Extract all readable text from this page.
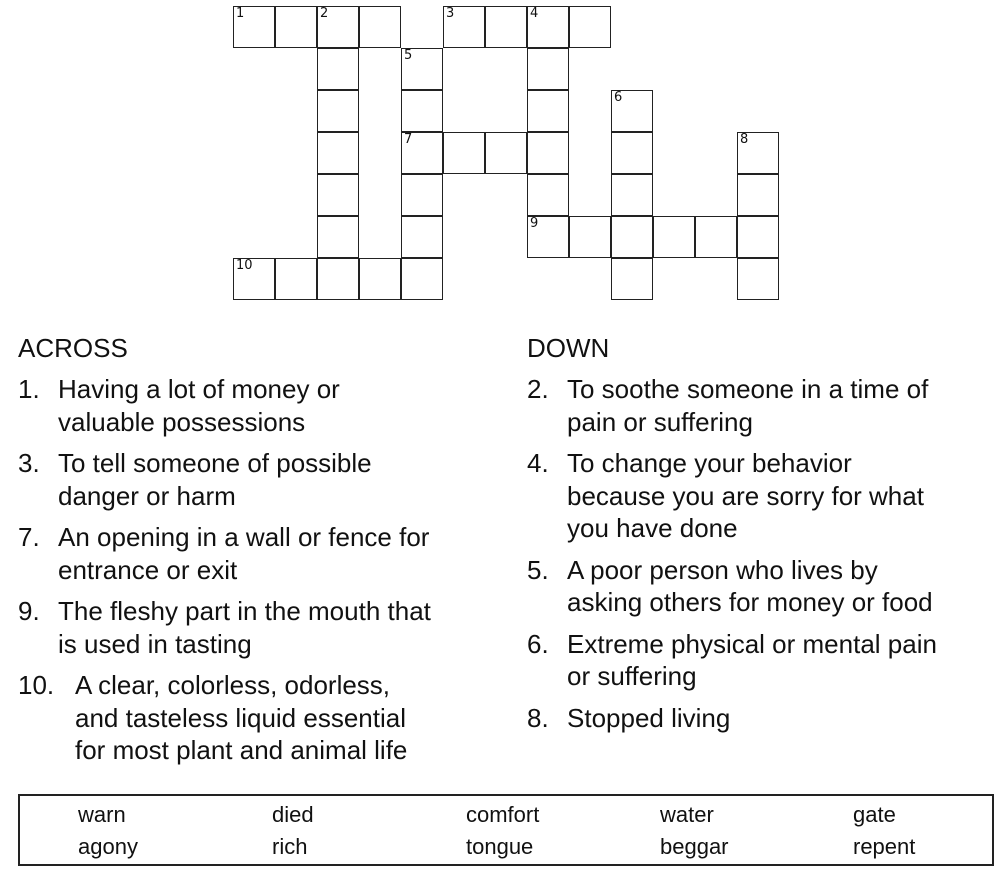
1	2	3	4
5
6
7	8
9
10
ACROSS
1. Having a lot of money or
valuable possessions
3. To tell someone of possible
danger or harm
7. An opening in a wall or fence for
entrance or exit
9. The fleshy part in the mouth that
is used in tasting
10. A clear, colorless, odorless,
and tasteless liquid essential
for most plant and animal life
DOWN
2. To soothe someone in a time of
pain or suffering
4. To change your behavior
because you are sorry for what
you have done
5. A poor person who lives by
asking others for money or food
6. Extreme physical or mental pain
or suffering
8. Stopped living
warn	died	comfort	water	gate
agony	rich	tongue	beggar	repent
